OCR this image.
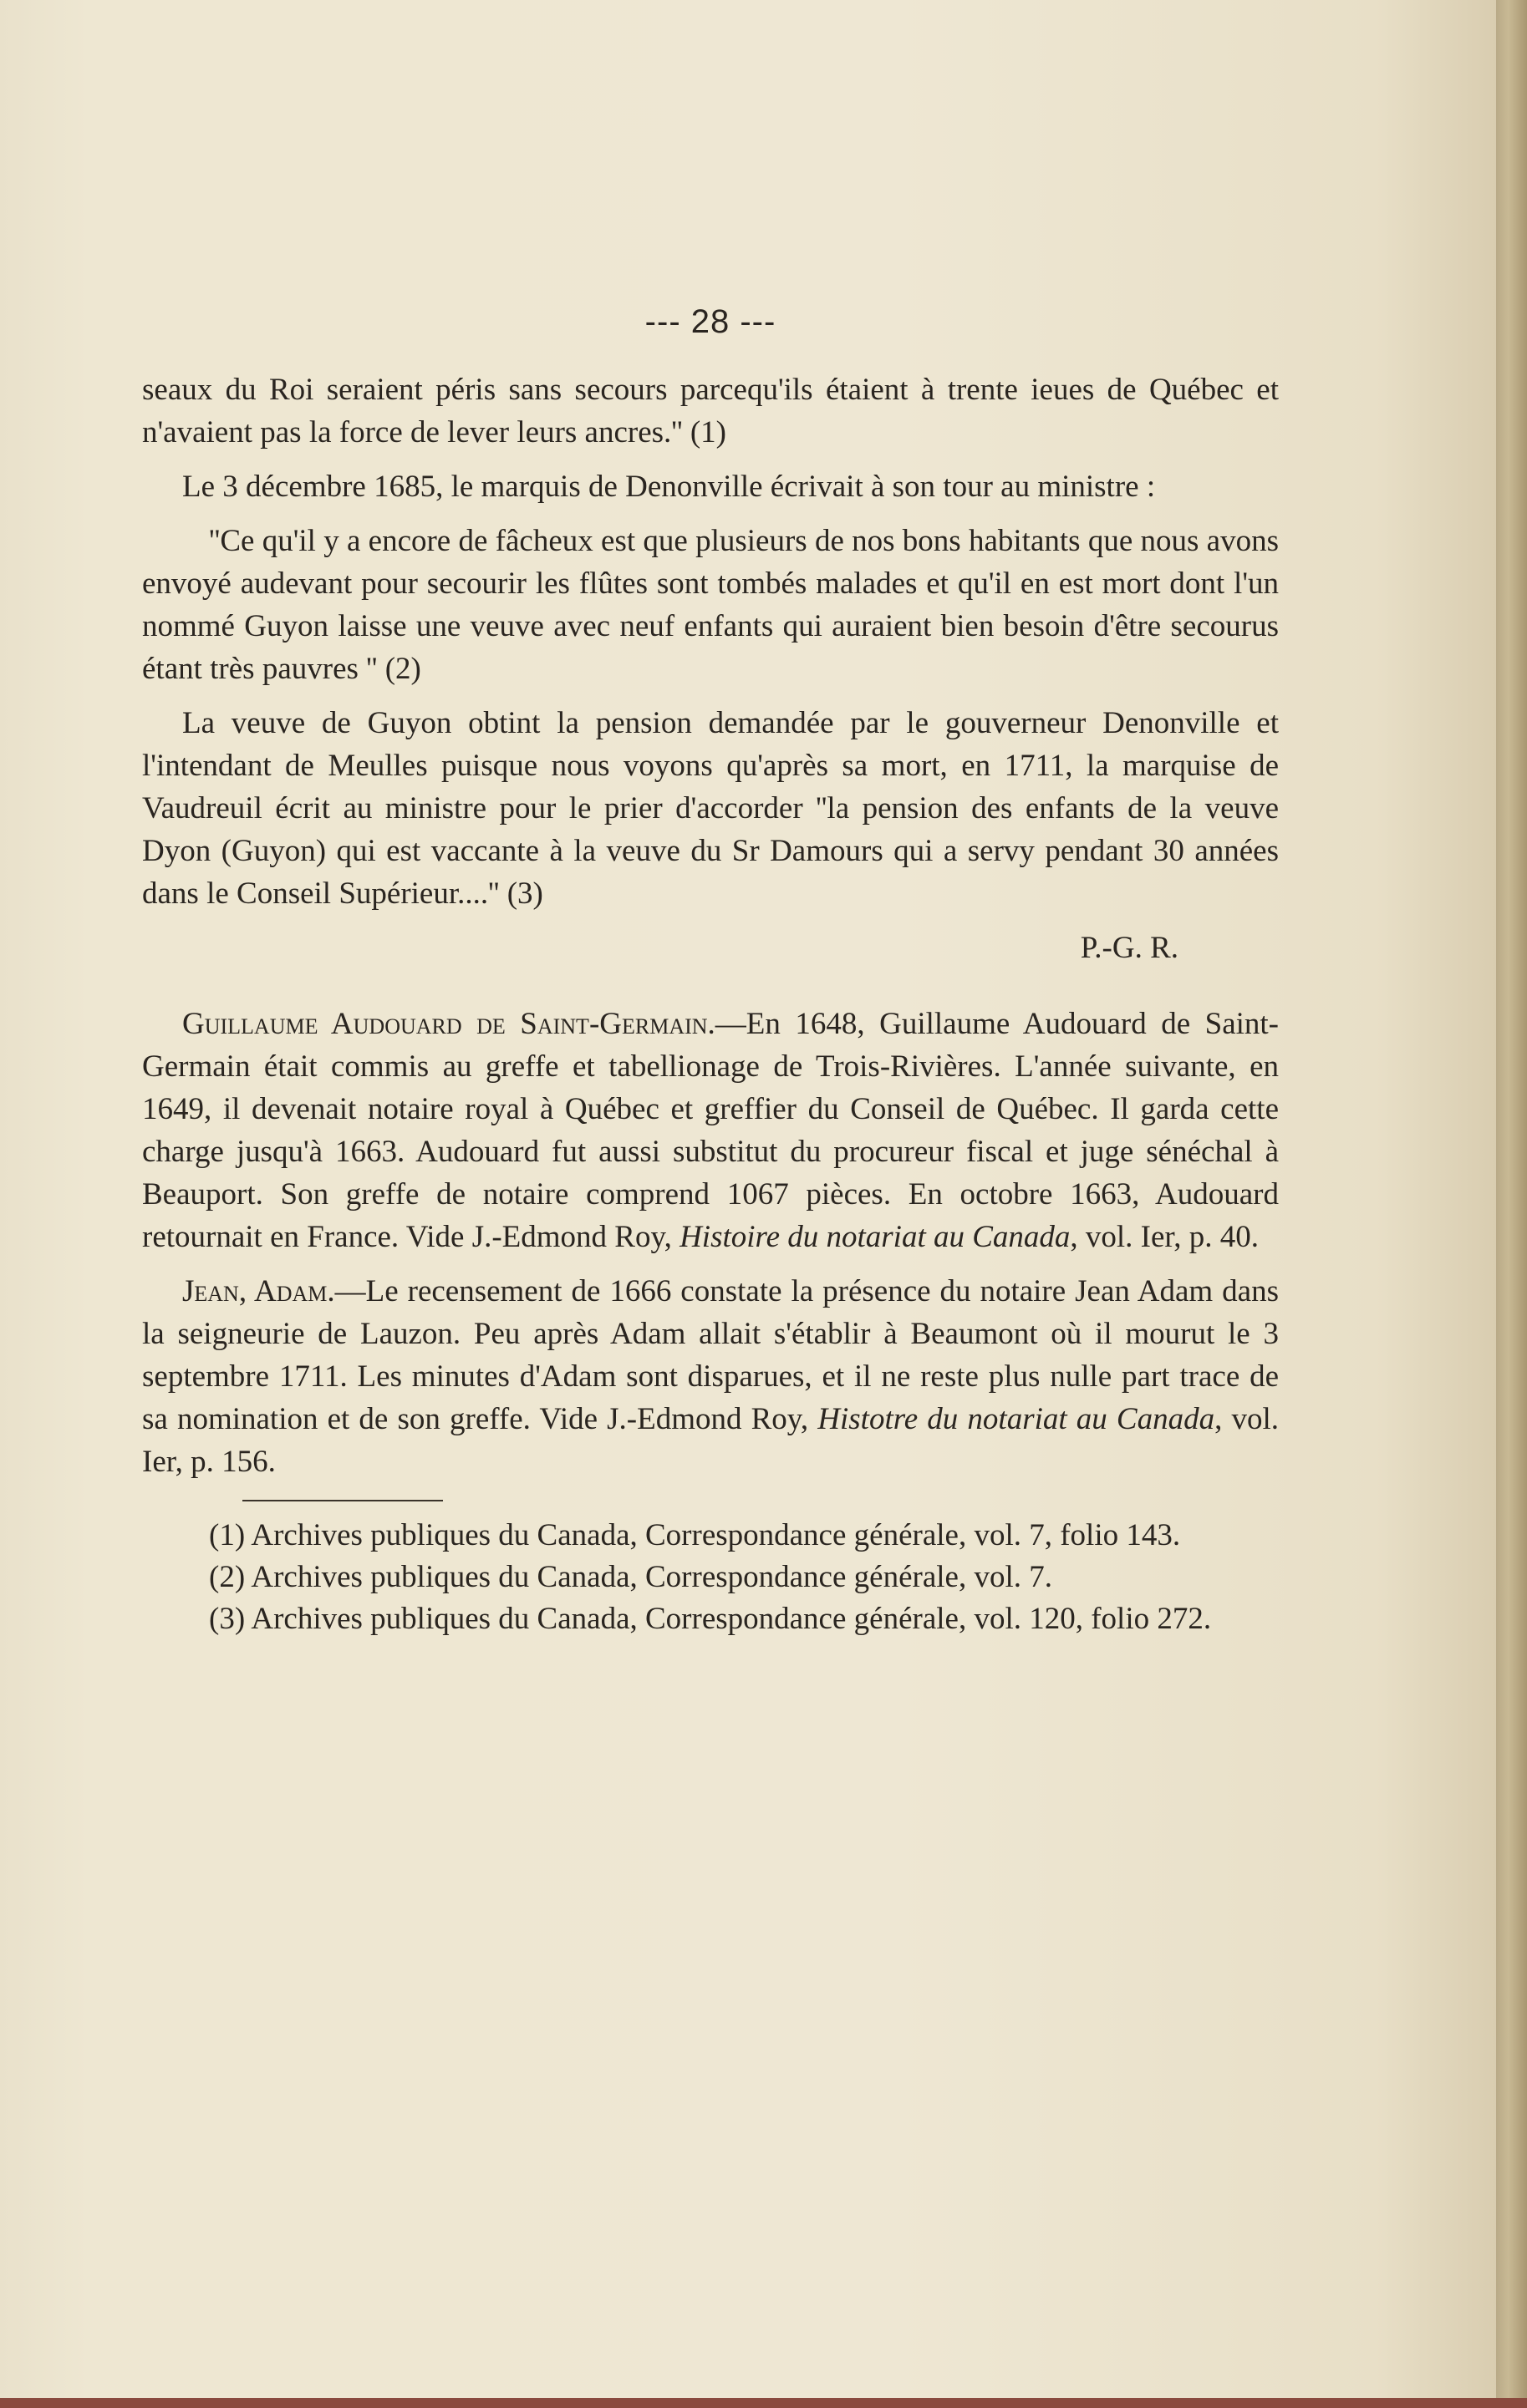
--- 28 ---

seaux du Roi seraient péris sans secours parcequ'ils étaient à trente ieues de Québec et n'avaient pas la force de lever leurs ancres.'' (1)

Le 3 décembre 1685, le marquis de Denonville écrivait à son tour au ministre :

''Ce qu'il y a encore de fâcheux est que plusieurs de nos bons habitants que nous avons envoyé audevant pour secourir les flûtes sont tombés malades et qu'il en est mort dont l'un nommé Guyon laisse une veuve avec neuf enfants qui auraient bien besoin d'être secourus étant très pauvres '' (2)

La veuve de Guyon obtint la pension demandée par le gouverneur Denonville et l'intendant de Meulles puisque nous voyons qu'après sa mort, en 1711, la marquise de Vaudreuil écrit au ministre pour le prier d'accorder ''la pension des enfants de la veuve Dyon (Guyon) qui est vaccante à la veuve du Sr Damours qui a servy pendant 30 années dans le Conseil Supérieur....'' (3)

P.-G. R.

Guillaume Audouard de Saint-Germain.—En 1648, Guillaume Audouard de Saint-Germain était commis au greffe et tabellionage de Trois-Rivières. L'année suivante, en 1649, il devenait notaire royal à Québec et greffier du Conseil de Québec. Il garda cette charge jusqu'à 1663. Audouard fut aussi substitut du procureur fiscal et juge sénéchal à Beauport. Son greffe de notaire comprend 1067 pièces. En octobre 1663, Audouard retournait en France. Vide J.-Edmond Roy, Histoire du notariat au Canada, vol. Ier, p. 40.

Jean, Adam.—Le recensement de 1666 constate la présence du notaire Jean Adam dans la seigneurie de Lauzon. Peu après Adam allait s'établir à Beaumont où il mourut le 3 septembre 1711. Les minutes d'Adam sont disparues, et il ne reste plus nulle part trace de sa nomination et de son greffe. Vide J.-Edmond Roy, Histotre du notariat au Canada, vol. Ier, p. 156.

(1) Archives publiques du Canada, Correspondance générale, vol. 7, folio 143.

(2) Archives publiques du Canada, Correspondance générale, vol. 7.

(3) Archives publiques du Canada, Correspondance générale, vol. 120, folio 272.
